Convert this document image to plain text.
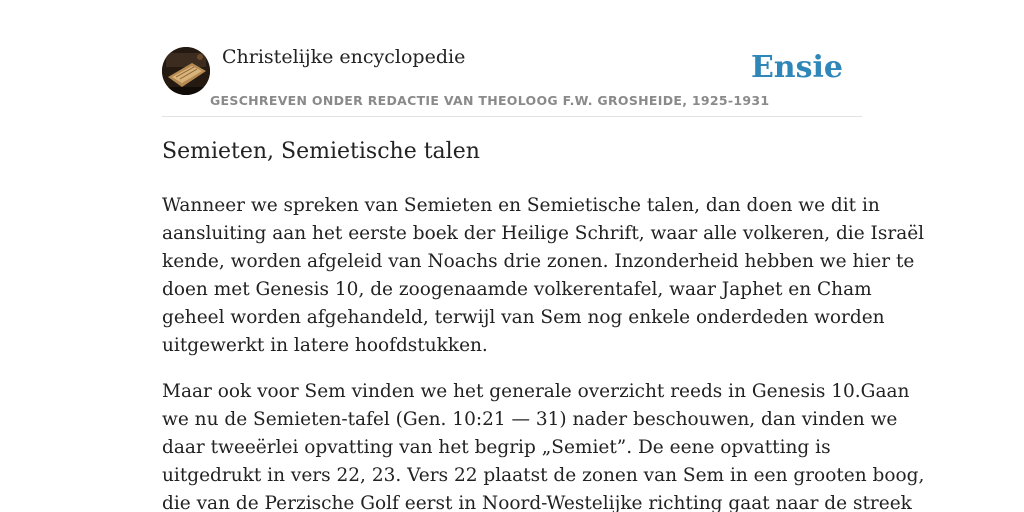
Christelijke encyclopedie
GESCHREVEN ONDER REDACTIE VAN THEOLOOG F.W. GROSHEIDE, 1925-1931
Ensie
Semieten, Semietische talen

Wanneer we spreken van Semieten en Semietische talen, dan doen we dit in
aansluiting aan het eerste boek der Heilige Schrift, waar alle volkeren, die Israël
kende, worden afgeleid van Noachs drie zonen. Inzonderheid hebben we hier te
doen met Genesis 10, de zoogenaamde volkerentafel, waar Japhet en Cham
geheel worden afgehandeld, terwijl van Sem nog enkele onderdeden worden
uitgewerkt in latere hoofdstukken.

Maar ook voor Sem vinden we het generale overzicht reeds in Genesis 10.Gaan
we nu de Semieten-tafel (Gen. 10:21 — 31) nader beschouwen, dan vinden we
daar tweeërlei opvatting van het begrip „Semiet”. De eene opvatting is
uitgedrukt in vers 22, 23. Vers 22 plaatst de zonen van Sem in een grooten boog,
die van de Perzische Golf eerst in Noord-Westelijke richting gaat naar de streek
